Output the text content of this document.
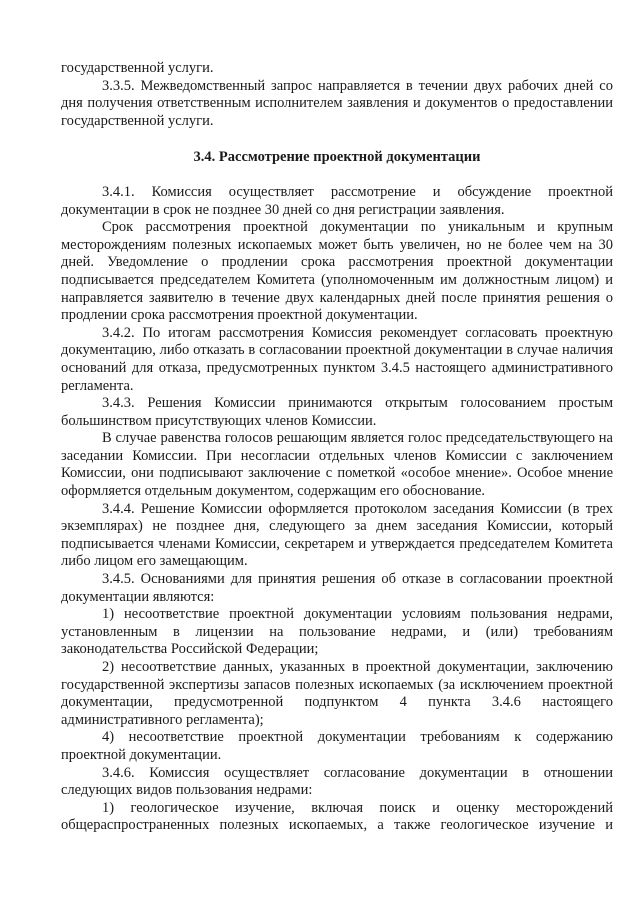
государственной услуги.

3.3.5. Межведомственный запрос направляется в течении двух рабочих дней со дня получения ответственным исполнителем заявления и документов о предоставлении государственной услуги.

3.4. Рассмотрение проектной документации

3.4.1. Комиссия осуществляет рассмотрение и обсуждение проектной документации в срок не позднее 30 дней со дня регистрации заявления.

Срок рассмотрения проектной документации по уникальным и крупным месторождениям полезных ископаемых может быть увеличен, но не более чем на 30 дней. Уведомление о продлении срока рассмотрения проектной документации подписывается председателем Комитета (уполномоченным им должностным лицом) и направляется заявителю в течение двух календарных дней после принятия решения о продлении срока рассмотрения проектной документации.

3.4.2. По итогам рассмотрения Комиссия рекомендует согласовать проектную документацию, либо отказать в согласовании проектной документации в случае наличия оснований для отказа, предусмотренных пунктом 3.4.5 настоящего административного регламента.

3.4.3. Решения Комиссии принимаются открытым голосованием простым большинством присутствующих членов Комиссии.

В случае равенства голосов решающим является голос председательствующего на заседании Комиссии. При несогласии отдельных членов Комиссии с заключением Комиссии, они подписывают заключение с пометкой «особое мнение». Особое мнение оформляется отдельным документом, содержащим его обоснование.

3.4.4. Решение Комиссии оформляется протоколом заседания Комиссии (в трех экземплярах) не позднее дня, следующего за днем заседания Комиссии, который подписывается членами Комиссии, секретарем и утверждается председателем Комитета либо лицом его замещающим.

3.4.5. Основаниями для принятия решения об отказе в согласовании проектной документации являются:

1) несоответствие проектной документации условиям пользования недрами, установленным в лицензии на пользование недрами, и (или) требованиям законодательства Российской Федерации;

2) несоответствие данных, указанных в проектной документации, заключению государственной экспертизы запасов полезных ископаемых (за исключением проектной документации, предусмотренной подпунктом 4 пункта 3.4.6 настоящего административного регламента);

4) несоответствие проектной документации требованиям к содержанию проектной документации.

3.4.6. Комиссия осуществляет согласование документации в отношении следующих видов пользования недрами:

1) геологическое изучение, включая поиск и оценку месторождений общераспространенных полезных ископаемых, а также геологическое изучение и
